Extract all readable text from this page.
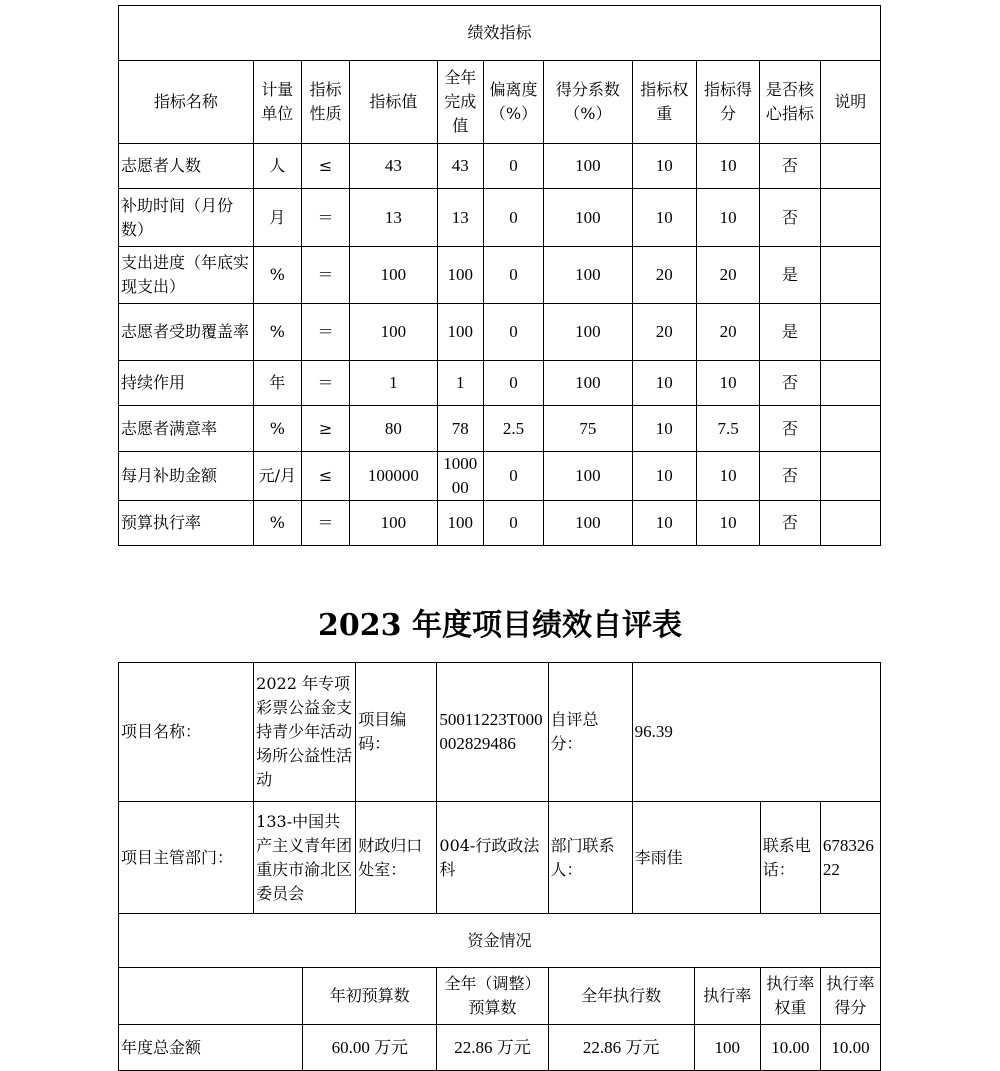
绩效指标										
指标名称	计量单位	指标性质	指标值	全年完成值	偏离度（%）	得分系数（%）	指标权重	指标得分	是否核心指标	说明
志愿者人数	人	≤	43	43	0	100	10	10	否	
补助时间（月份数）	月	＝	13	13	0	100	10	10	否	
支出进度（年底实现支出）	%	＝	100	100	0	100	20	20	是	
志愿者受助覆盖率	%	＝	100	100	0	100	20	20	是	
持续作用	年	＝	1	1	0	100	10	10	否	
志愿者满意率	%	≥	80	78	2.5	75	10	7.5	否	
每月补助金额	元/月	≤	100000	100000	0	100	10	10	否	
预算执行率	%	＝	100	100	0	100	10	10	否	
2023 年度项目绩效自评表
项目名称：	2022 年专项彩票公益金支持青少年活动场所公益性活动		项目编码：	50011223T000002829486	自评总分：	96.39			
项目主管部门：	133-中国共产主义青年团重庆市渝北区委员会		财政归口处室：	004-行政政法科	部门联系人：	李雨佳		联系电话：	67832622
资金情况									
		年初预算数		全年（调整）预算数	全年执行数		执行率	执行率权重	执行率得分
年度总金额		60.00 万元		22.86 万元	22.86 万元		100	10.00	10.00
